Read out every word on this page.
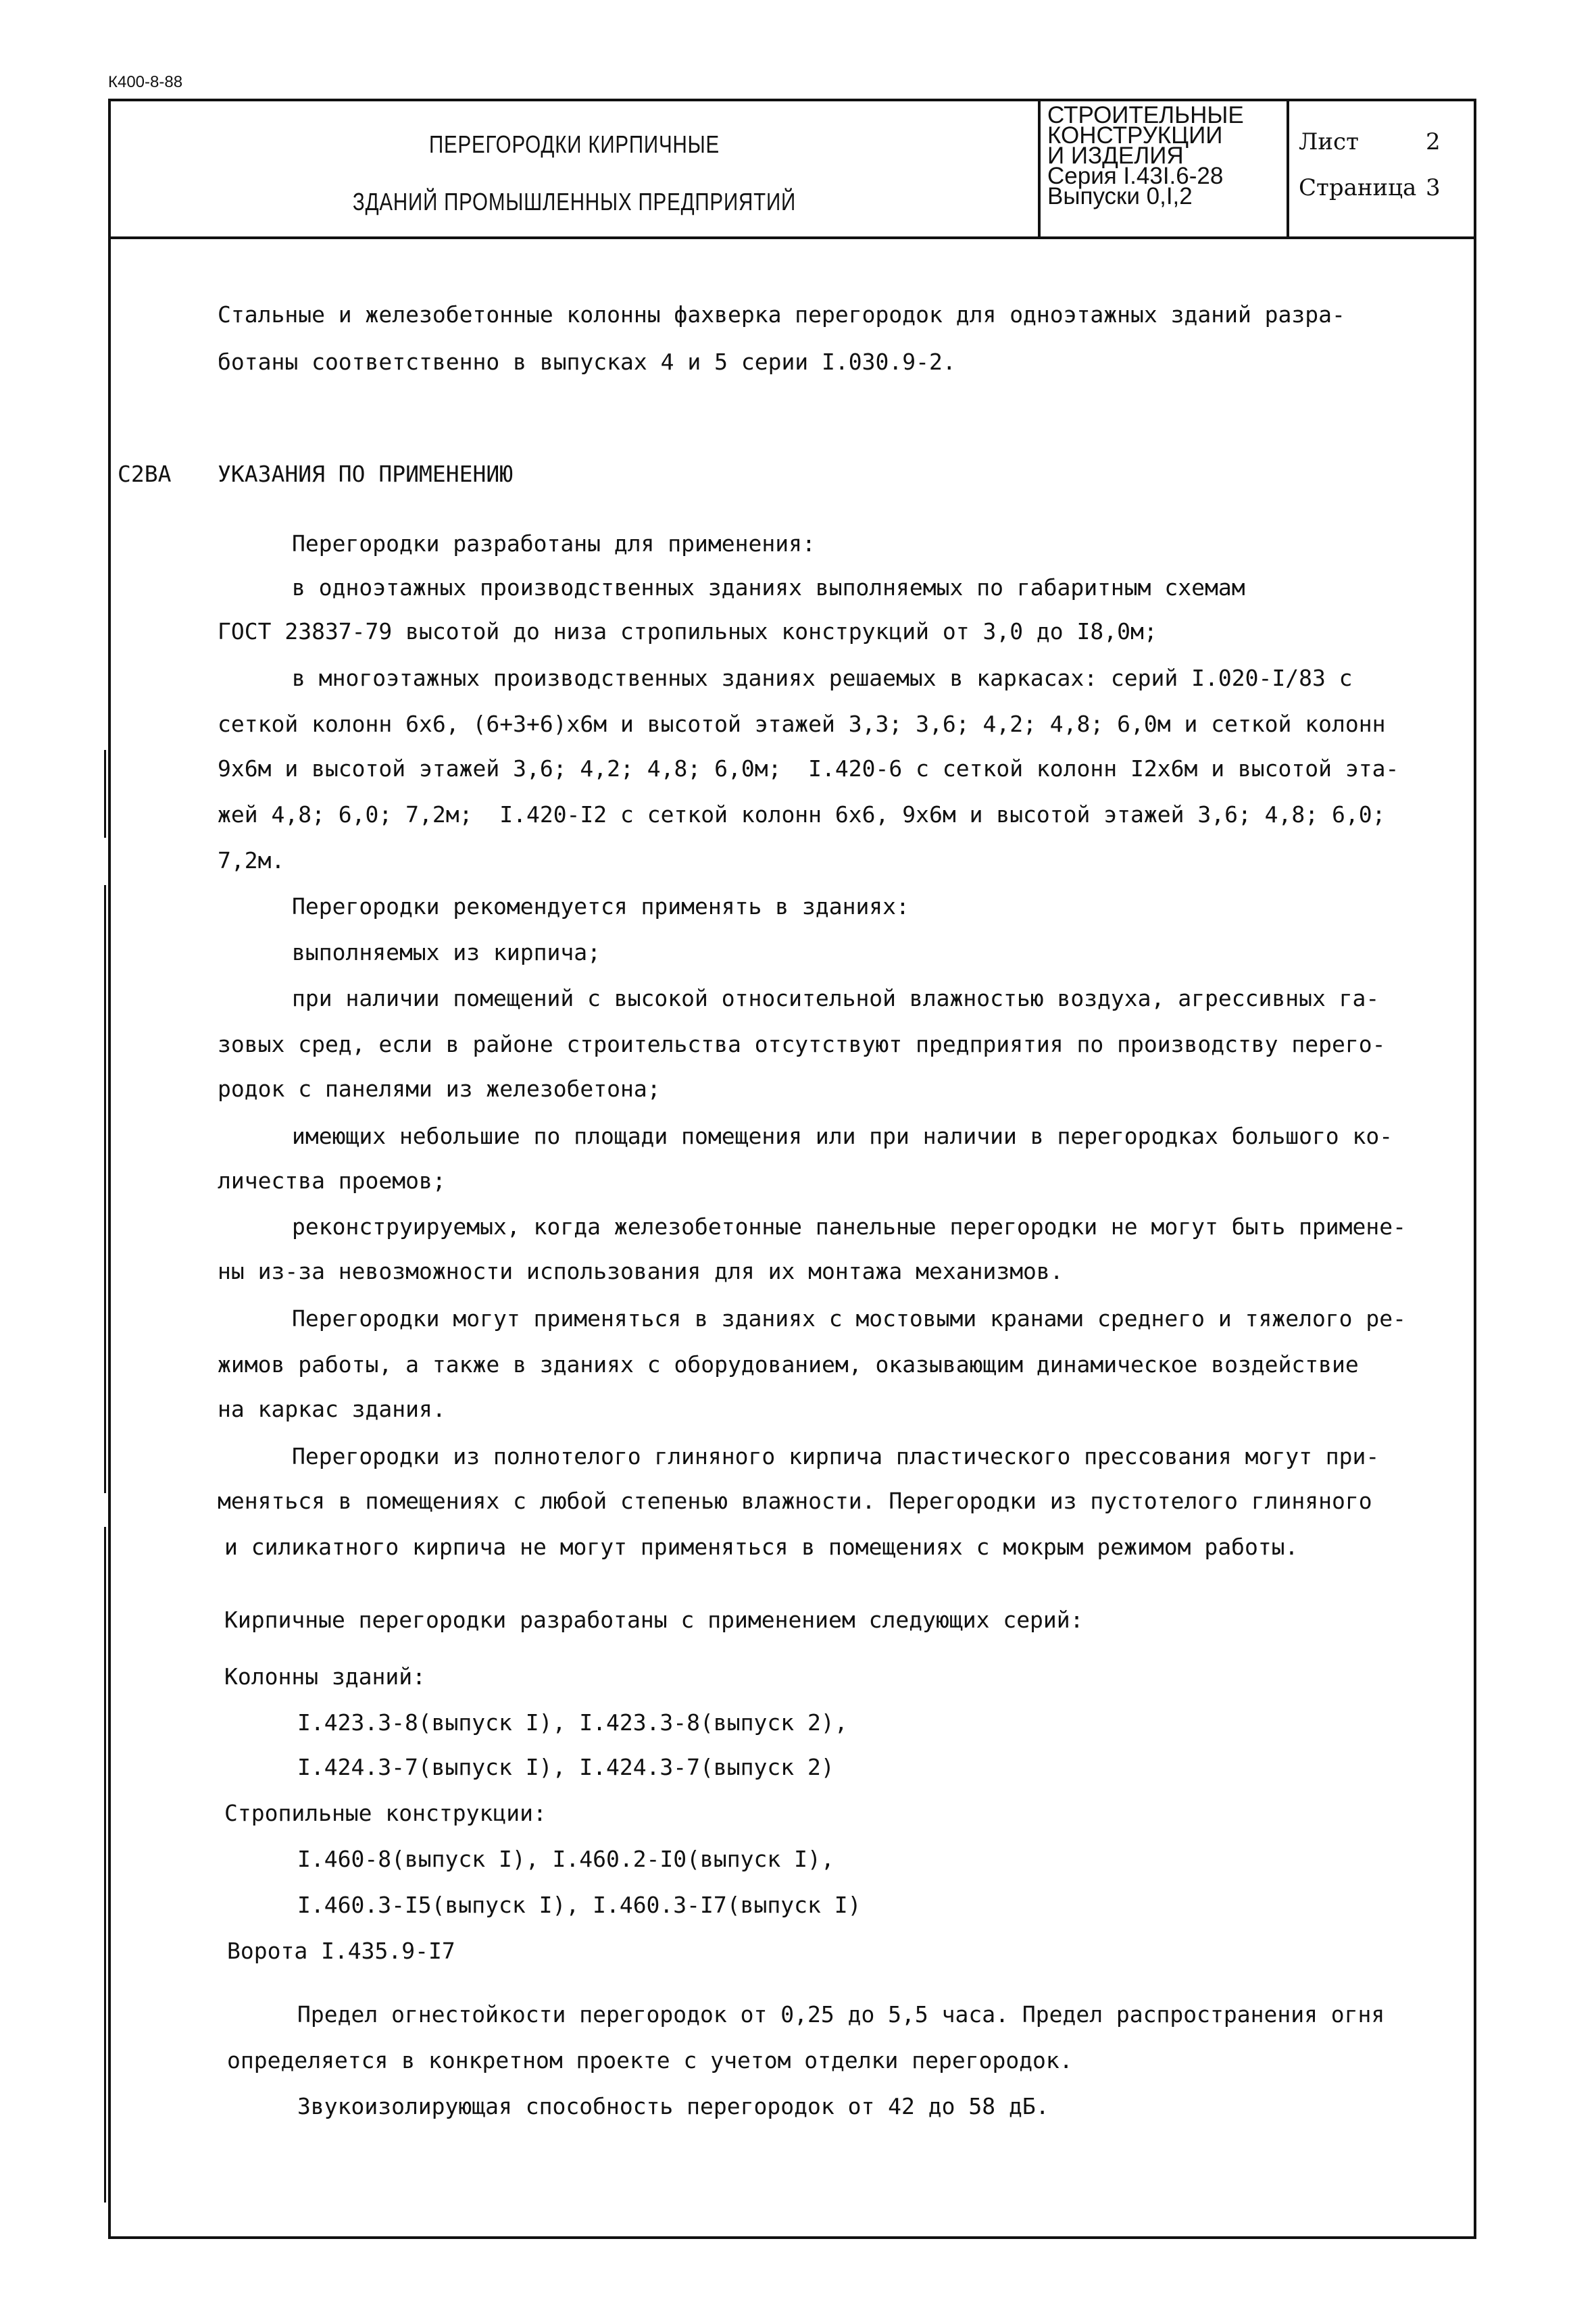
К400-8-88
ПЕРЕГОРОДКИ КИРПИЧНЫЕ
ЗДАНИЙ ПРОМЫШЛЕННЫХ ПРЕДПРИЯТИЙ
СТРОИТЕЛЬНЫЕ
КОНСТРУКЦИИ
И ИЗДЕЛИЯ
Серия I.43I.6-28
Выпуски 0,I,2
Лист	2
Страница 3
Стальные и железобетонные колонны фахверка перегородок для одноэтажных зданий разра-
ботаны соответственно в выпусках 4 и 5 серии I.030.9-2.
С2ВА УКАЗАНИЯ ПО ПРИМЕНЕНИЮ
Перегородки разработаны для применения:
в одноэтажных производственных зданиях выполняемых по габаритным схемам
ГОСТ 23837-79 высотой до низа стропильных конструкций от 3,0 до I8,0м;
в многоэтажных производственных зданиях решаемых в каркасах: серий I.020-I/83 с
сеткой колонн 6х6, (6+3+6)х6м и высотой этажей 3,3; 3,6; 4,2; 4,8; 6,0м и сеткой колонн
9х6м и высотой этажей 3,6; 4,2; 4,8; 6,0м;  I.420-6 с сеткой колонн I2х6м и высотой эта-
жей 4,8; 6,0; 7,2м;  I.420-I2 с сеткой колонн 6х6, 9х6м и высотой этажей 3,6; 4,8; 6,0;
7,2м.
Перегородки рекомендуется применять в зданиях:
выполняемых из кирпича;
при наличии помещений с высокой относительной влажностью воздуха, агрессивных га-
зовых сред, если в районе строительства отсутствуют предприятия по производству перего-
родок с панелями из железобетона;
имеющих небольшие по площади помещения или при наличии в перегородках большого ко-
личества проемов;
реконструируемых, когда железобетонные панельные перегородки не могут быть примене-
ны из-за невозможности использования для их монтажа механизмов.
Перегородки могут применяться в зданиях с мостовыми кранами среднего и тяжелого ре-
жимов работы, а также в зданиях с оборудованием, оказывающим динамическое воздействие
на каркас здания.
Перегородки из полнотелого глиняного кирпича пластического прессования могут при-
меняться в помещениях с любой степенью влажности. Перегородки из пустотелого глиняного
и силикатного кирпича не могут применяться в помещениях с мокрым режимом работы.
Кирпичные перегородки разработаны с применением следующих серий:
Колонны зданий:
I.423.3-8(выпуск I), I.423.3-8(выпуск 2),
I.424.3-7(выпуск I), I.424.3-7(выпуск 2)
Стропильные конструкции:
I.460-8(выпуск I), I.460.2-I0(выпуск I),
I.460.3-I5(выпуск I), I.460.3-I7(выпуск I)
Ворота I.435.9-I7
Предел огнестойкости перегородок от 0,25 до 5,5 часа. Предел распространения огня
определяется в конкретном проекте с учетом отделки перегородок.
Звукоизолирующая способность перегородок от 42 до 58 дБ.
